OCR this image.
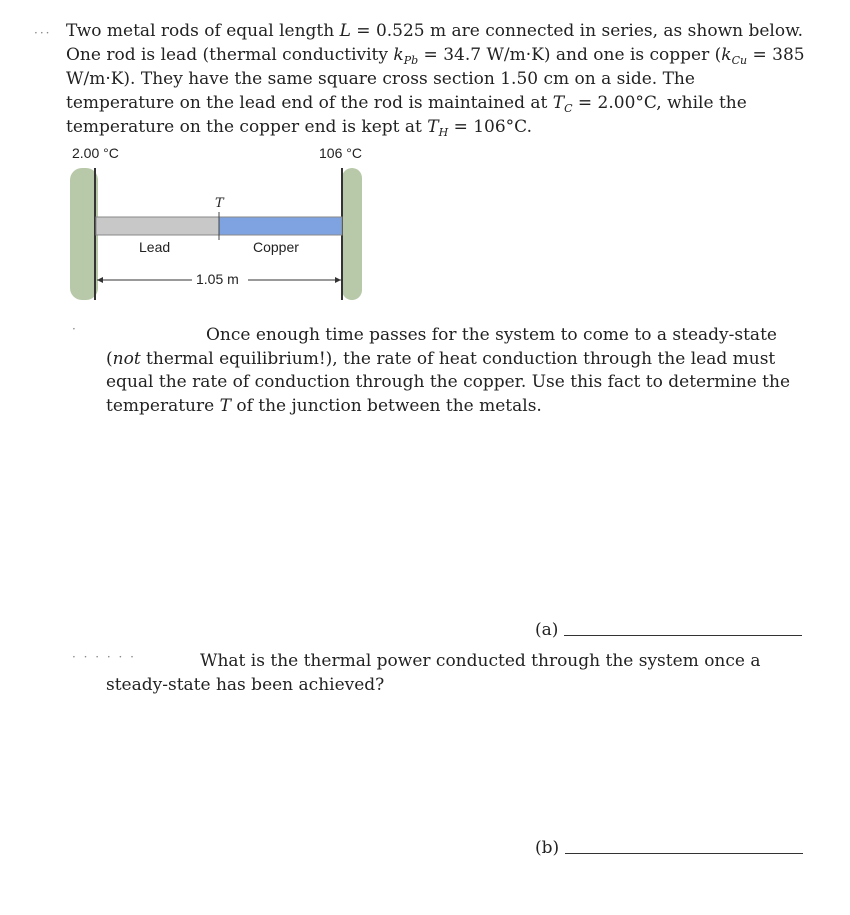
··· Two metal rods of equal length L = 0.525 m are connected in series, as shown below. One rod is lead (thermal conductivity $k_{Pb} = 34.7$ W/m·K) and one is copper ($k_{Cu} = 385$ W/m·K). They have the same square cross section 1.50 cm on a side. The temperature on the lead end of the rod is maintained at $T_C = 2.00^\circ C$, while the temperature on the copper end is kept at $T_H = 106^\circ C$.
2.00 °C	106 °C
T
Lead	Copper
1.05 m
·	Once enough time passes for the system to come to a steady-state (not thermal equilibrium!), the rate of heat conduction through the lead must equal the rate of conduction through the copper. Use this fact to determine the temperature T of the junction between the metals.
(a)
· · · · · ·	What is the thermal power conducted through the system once a steady-state has been achieved?
(b)
